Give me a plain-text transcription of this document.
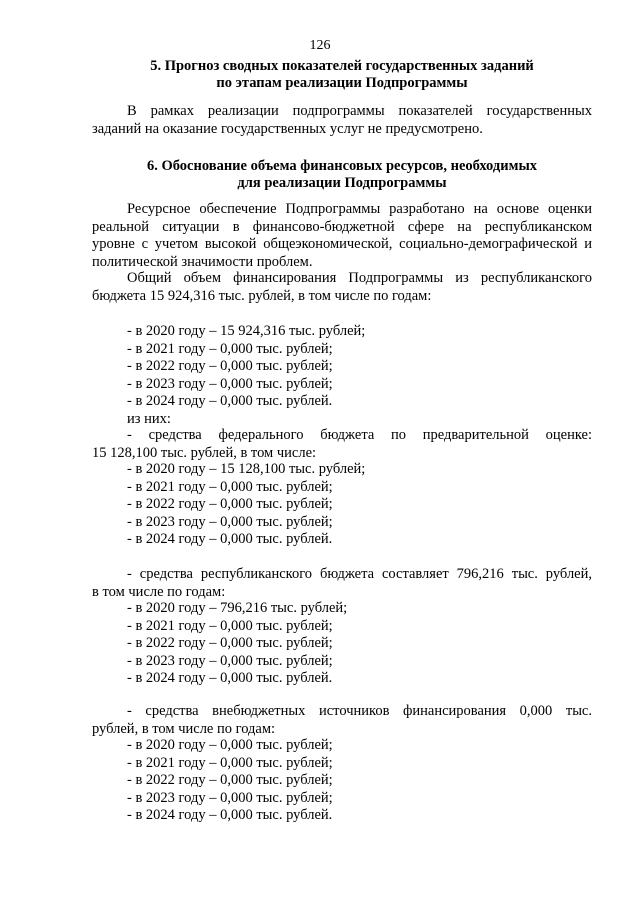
126
5. Прогноз сводных показателей государственных заданий
по этапам реализации Подпрограммы
В рамках реализации подпрограммы показателей государственных
заданий на оказание государственных услуг не предусмотрено.
6. Обоснование объема финансовых ресурсов, необходимых
для реализации Подпрограммы
Ресурсное обеспечение Подпрограммы разработано на основе оценки
реальной ситуации в финансово-бюджетной сфере на республиканском
уровне с учетом высокой общеэкономической, социально-демографической и
политической значимости проблем.
Общий объем финансирования Подпрограммы из республиканского
бюджета 15 924,316 тыс. рублей, в том числе по годам:
- в 2020 году – 15 924,316 тыс. рублей;
- в 2021 году – 0,000 тыс. рублей;
- в 2022 году – 0,000 тыс. рублей;
- в 2023 году – 0,000 тыс. рублей;
- в 2024 году – 0,000 тыс. рублей.
из них:
- средства федерального бюджета по предварительной оценке:
15 128,100 тыс. рублей, в том числе:
- в 2020 году – 15 128,100 тыс. рублей;
- в 2021 году – 0,000 тыс. рублей;
- в 2022 году – 0,000 тыс. рублей;
- в 2023 году – 0,000 тыс. рублей;
- в 2024 году – 0,000 тыс. рублей.
- средства республиканского бюджета составляет 796,216 тыс. рублей,
в том числе по годам:
- в 2020 году – 796,216 тыс. рублей;
- в 2021 году – 0,000 тыс. рублей;
- в 2022 году – 0,000 тыс. рублей;
- в 2023 году – 0,000 тыс. рублей;
- в 2024 году – 0,000 тыс. рублей.
- средства внебюджетных источников финансирования 0,000 тыс.
рублей, в том числе по годам:
- в 2020 году – 0,000 тыс. рублей;
- в 2021 году – 0,000 тыс. рублей;
- в 2022 году – 0,000 тыс. рублей;
- в 2023 году – 0,000 тыс. рублей;
- в 2024 году – 0,000 тыс. рублей.
